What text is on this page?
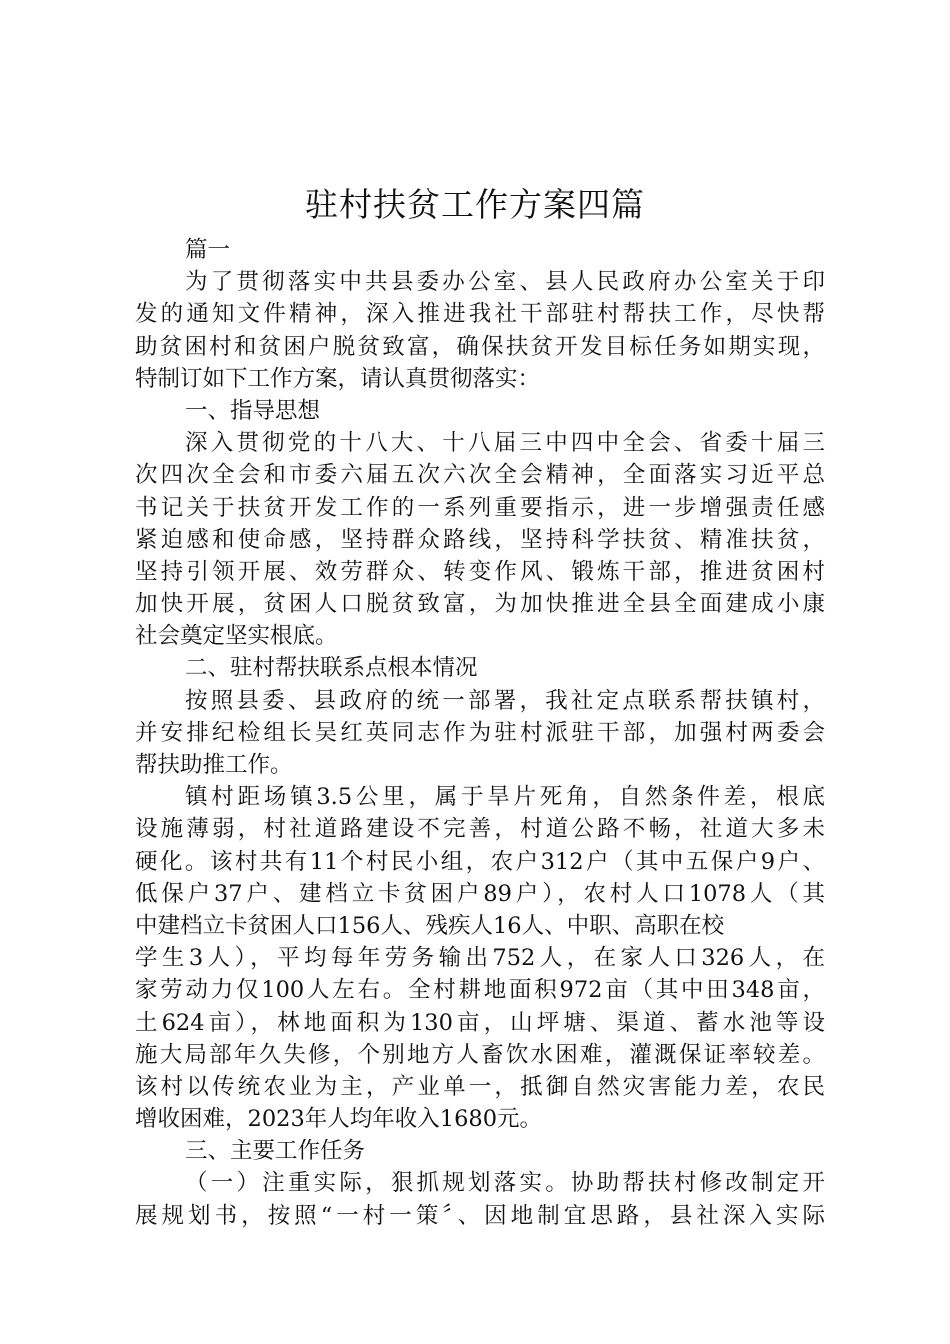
驻村扶贫工作方案四篇
篇一
为了贯彻落实中共县委办公室、县人民政府办公室关于印
发的通知文件精神，深入推进我社干部驻村帮扶工作，尽快帮
助贫困村和贫困户脱贫致富，确保扶贫开发目标任务如期实现，
特制订如下工作方案，请认真贯彻落实：
一、指导思想
深入贯彻党的十八大、十八届三中四中全会、省委十届三
次四次全会和市委六届五次六次全会精神，全面落实习近平总
书记关于扶贫开发工作的一系列重要指示，进一步增强责任感
紧迫感和使命感，坚持群众路线，坚持科学扶贫、精准扶贫，
坚持引领开展、效劳群众、转变作风、锻炼干部，推进贫困村
加快开展，贫困人口脱贫致富，为加快推进全县全面建成小康
社会奠定坚实根底。
二、驻村帮扶联系点根本情况
按照县委、县政府的统一部署，我社定点联系帮扶镇村，
并安排纪检组长吴红英同志作为驻村派驻干部，加强村两委会
帮扶助推工作。
镇村距场镇3.5公里，属于旱片死角，自然条件差，根底
设施薄弱，村社道路建设不完善，村道公路不畅，社道大多未
硬化。该村共有11个村民小组，农户312户（其中五保户9户、
低保户37户、建档立卡贫困户89户），农村人口1078人（其
中建档立卡贫困人口156人、残疾人16人、中职、高职在校
学生3人），平均每年劳务输出752人，在家人口326人，在
家劳动力仅100人左右。全村耕地面积972亩（其中田348亩，
土624亩），林地面积为130亩，山坪塘、渠道、蓄水池等设
施大局部年久失修，个别地方人畜饮水困难，灌溉保证率较差。
该村以传统农业为主，产业单一，抵御自然灾害能力差，农民
增收困难，2023年人均年收入1680元。
三、主要工作任务
（一）注重实际，狠抓规划落实。协助帮扶村修改制定开
展规划书，按照“一村一策〞、因地制宜思路，县社深入实际
